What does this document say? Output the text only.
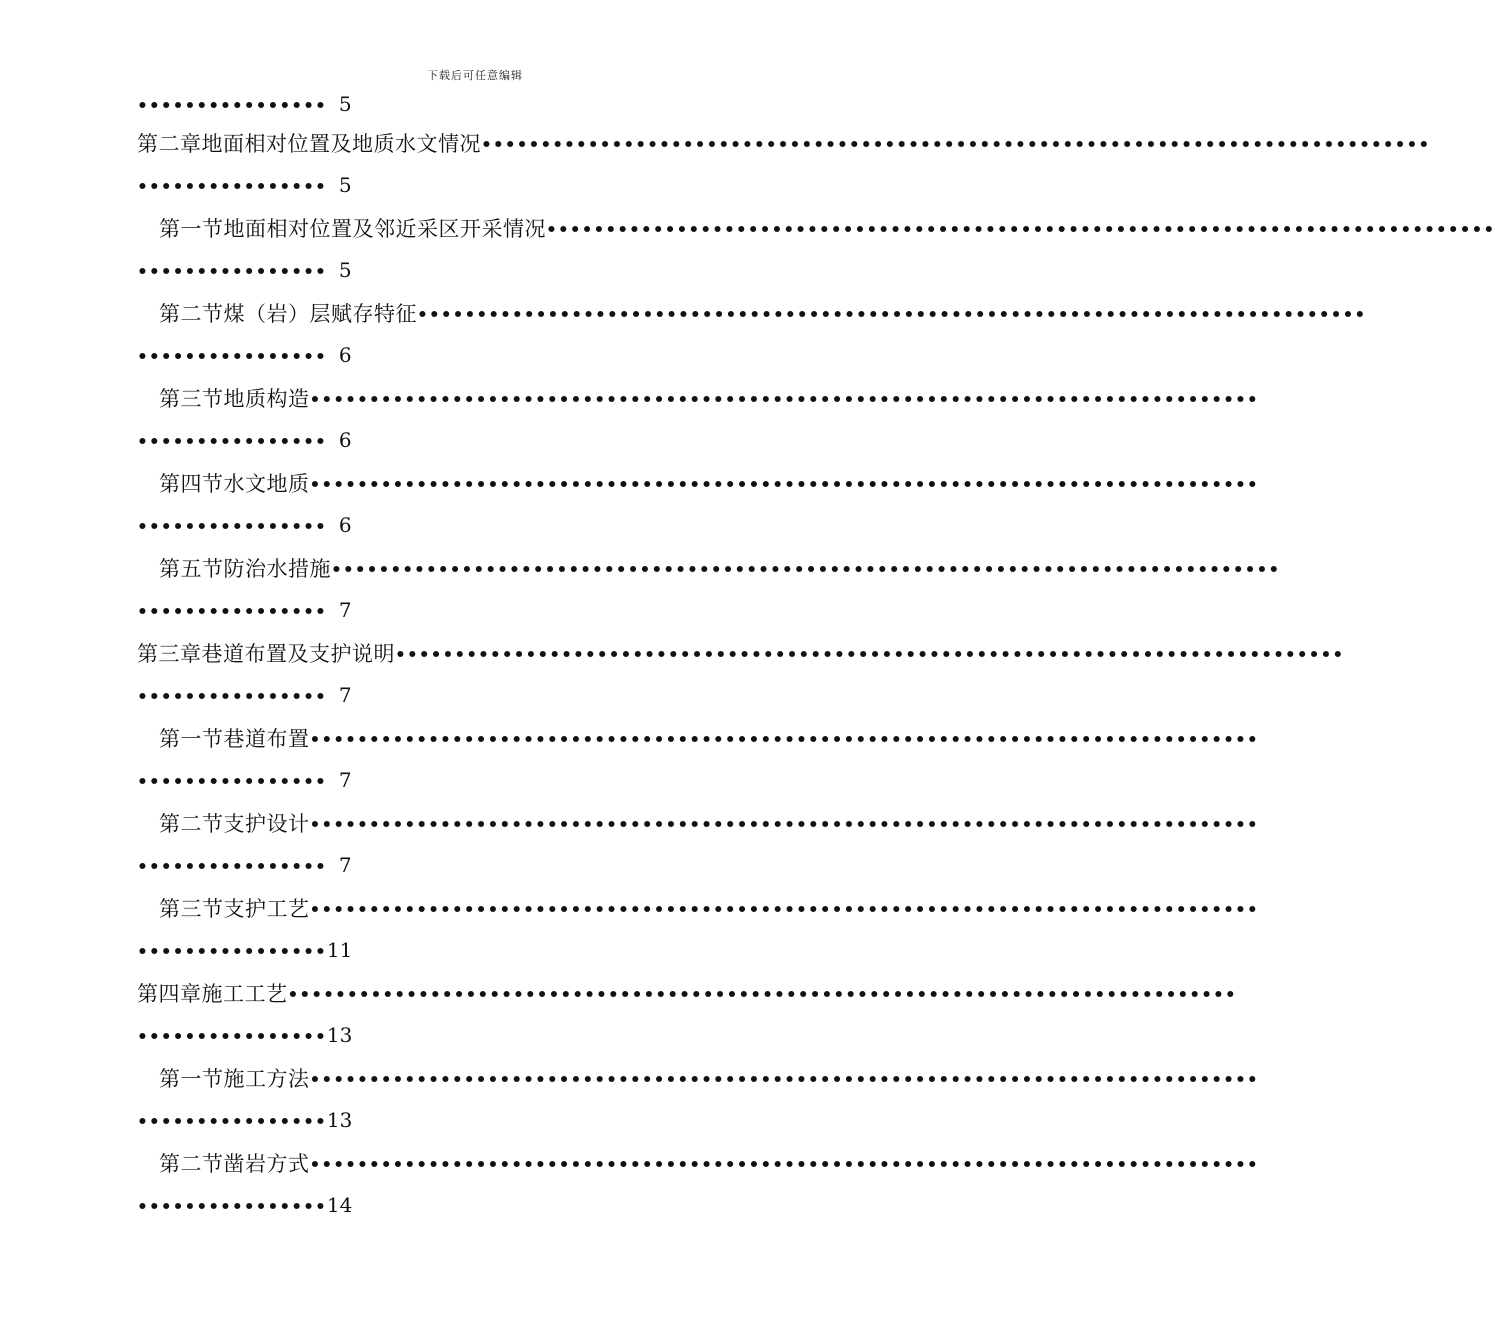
下载后可任意编辑
•••••••••••••••• 5
第二章 地面相对位置及地质水文情况 ••••••••••••••••••••••••••••••••••••••••••••••••••••••••••••••••••••••••••••••••
•••••••••••••••• 5
第一节 地面相对位置及邻近采区开采情况 ••••••••••••••••••••••••••••••••••••••••••••••••••••••••••••••••••••••••••••••••
•••••••••••••••• 5
第二节 煤（岩）层赋存特征 ••••••••••••••••••••••••••••••••••••••••••••••••••••••••••••••••••••••••••••••••
•••••••••••••••• 6
第三节 地质构造 ••••••••••••••••••••••••••••••••••••••••••••••••••••••••••••••••••••••••••••••••
•••••••••••••••• 6
第四节 水文地质 ••••••••••••••••••••••••••••••••••••••••••••••••••••••••••••••••••••••••••••••••
•••••••••••••••• 6
第五节 防治水措施 ••••••••••••••••••••••••••••••••••••••••••••••••••••••••••••••••••••••••••••••••
•••••••••••••••• 7
第三章 巷道布置及支护说明 ••••••••••••••••••••••••••••••••••••••••••••••••••••••••••••••••••••••••••••••••
•••••••••••••••• 7
第一节 巷道布置 ••••••••••••••••••••••••••••••••••••••••••••••••••••••••••••••••••••••••••••••••
•••••••••••••••• 7
第二节 支护设计 ••••••••••••••••••••••••••••••••••••••••••••••••••••••••••••••••••••••••••••••••
•••••••••••••••• 7
第三节 支护工艺 ••••••••••••••••••••••••••••••••••••••••••••••••••••••••••••••••••••••••••••••••
•••••••••••••••• 11
第四章 施工工艺 ••••••••••••••••••••••••••••••••••••••••••••••••••••••••••••••••••••••••••••••••
•••••••••••••••• 13
第一节 施工方法 ••••••••••••••••••••••••••••••••••••••••••••••••••••••••••••••••••••••••••••••••
•••••••••••••••• 13
第二节 凿岩方式 ••••••••••••••••••••••••••••••••••••••••••••••••••••••••••••••••••••••••••••••••
•••••••••••••••• 14
